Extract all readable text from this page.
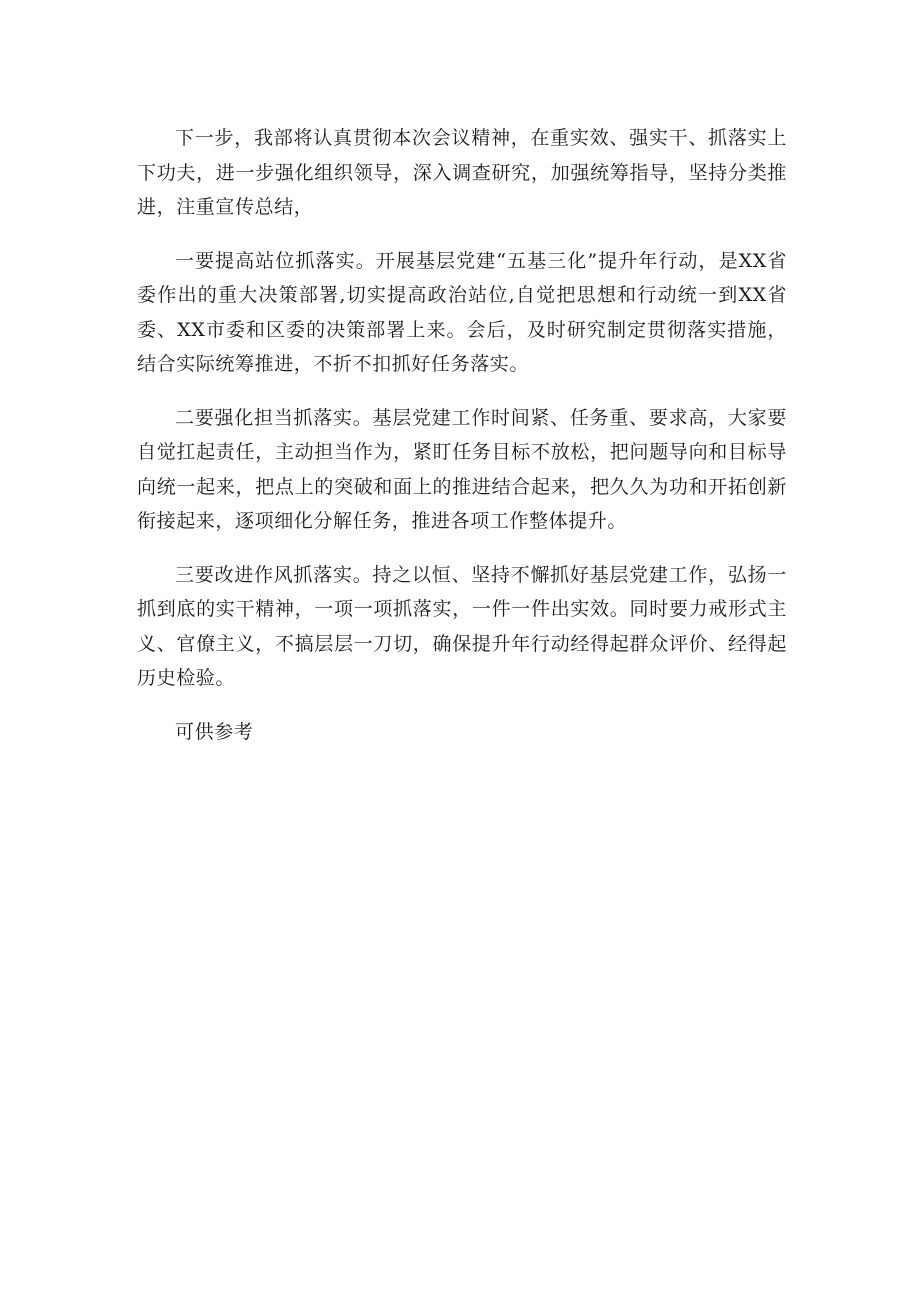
下一步，我部将认真贯彻本次会议精神，在重实效、强实干、抓落实上下功夫，进一步强化组织领导，深入调查研究，加强统筹指导，坚持分类推进，注重宣传总结，

一要提高站位抓落实。开展基层党建“五基三化”提升年行动，是XX省委作出的重大决策部署,切实提高政治站位,自觉把思想和行动统一到XX省委、XX市委和区委的决策部署上来。会后，及时研究制定贯彻落实措施，结合实际统筹推进，不折不扣抓好任务落实。

二要强化担当抓落实。基层党建工作时间紧、任务重、要求高，大家要自觉扛起责任，主动担当作为，紧盯任务目标不放松，把问题导向和目标导向统一起来，把点上的突破和面上的推进结合起来，把久久为功和开拓创新衔接起来，逐项细化分解任务，推进各项工作整体提升。

三要改进作风抓落实。持之以恒、坚持不懈抓好基层党建工作，弘扬一抓到底的实干精神，一项一项抓落实，一件一件出实效。同时要力戒形式主义、官僚主义，不搞层层一刀切，确保提升年行动经得起群众评价、经得起历史检验。

可供参考
